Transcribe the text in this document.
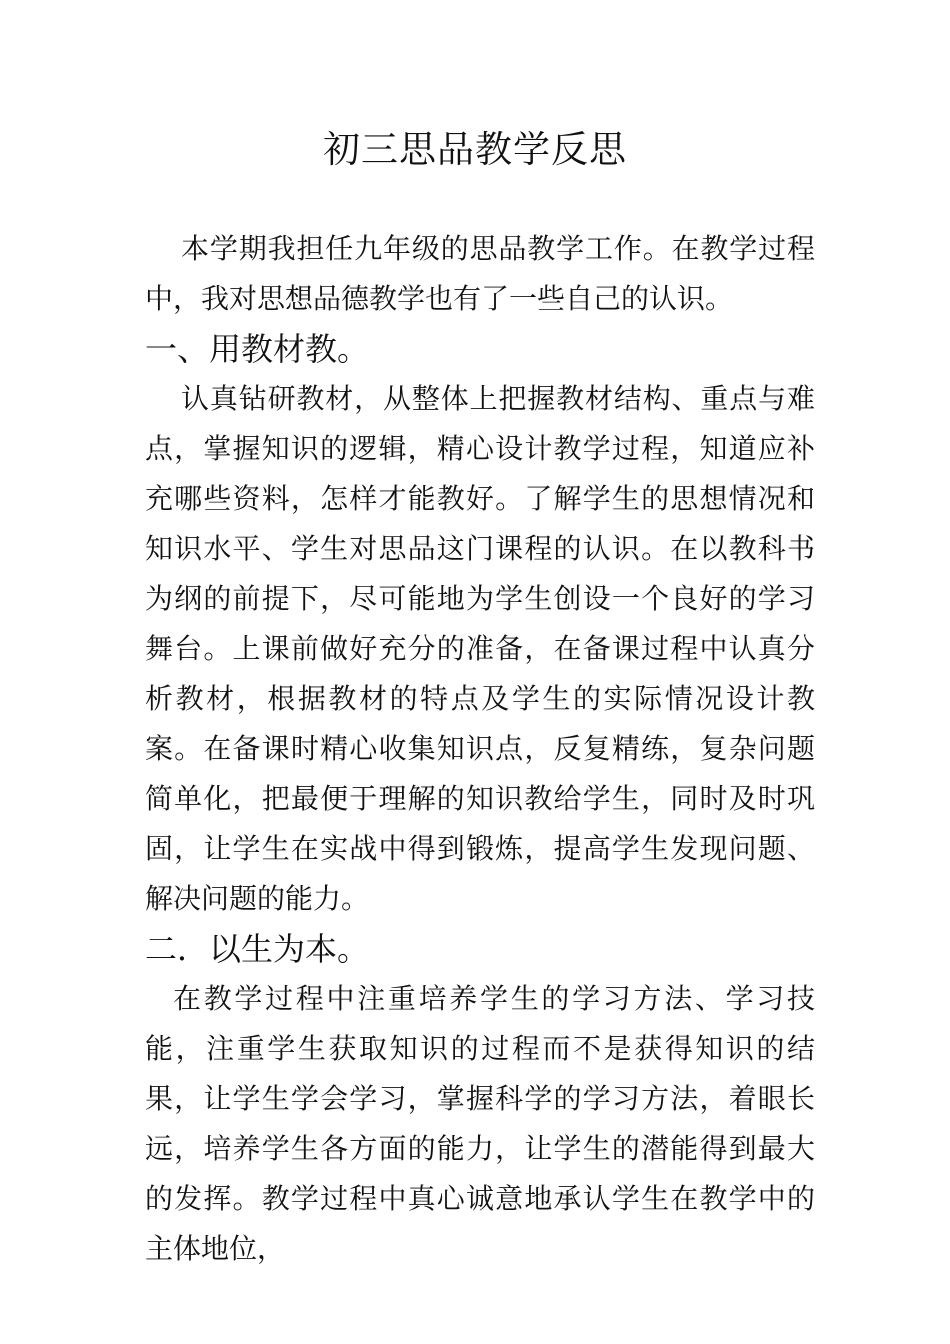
初三思品教学反思

本学期我担任九年级的思品教学工作。在教学过程中，我对思想品德教学也有了一些自己的认识。

一、用教材教。

认真钻研教材，从整体上把握教材结构、重点与难点，掌握知识的逻辑，精心设计教学过程，知道应补充哪些资料，怎样才能教好。了解学生的思想情况和知识水平、学生对思品这门课程的认识。在以教科书为纲的前提下，尽可能地为学生创设一个良好的学习舞台。上课前做好充分的准备，在备课过程中认真分析教材，根据教材的特点及学生的实际情况设计教案。在备课时精心收集知识点，反复精练，复杂问题简单化，把最便于理解的知识教给学生，同时及时巩固，让学生在实战中得到锻炼，提高学生发现问题、解决问题的能力。

二．以生为本。

在教学过程中注重培养学生的学习方法、学习技能，注重学生获取知识的过程而不是获得知识的结果，让学生学会学习，掌握科学的学习方法，着眼长远，培养学生各方面的能力，让学生的潜能得到最大的发挥。教学过程中真心诚意地承认学生在教学中的主体地位，
